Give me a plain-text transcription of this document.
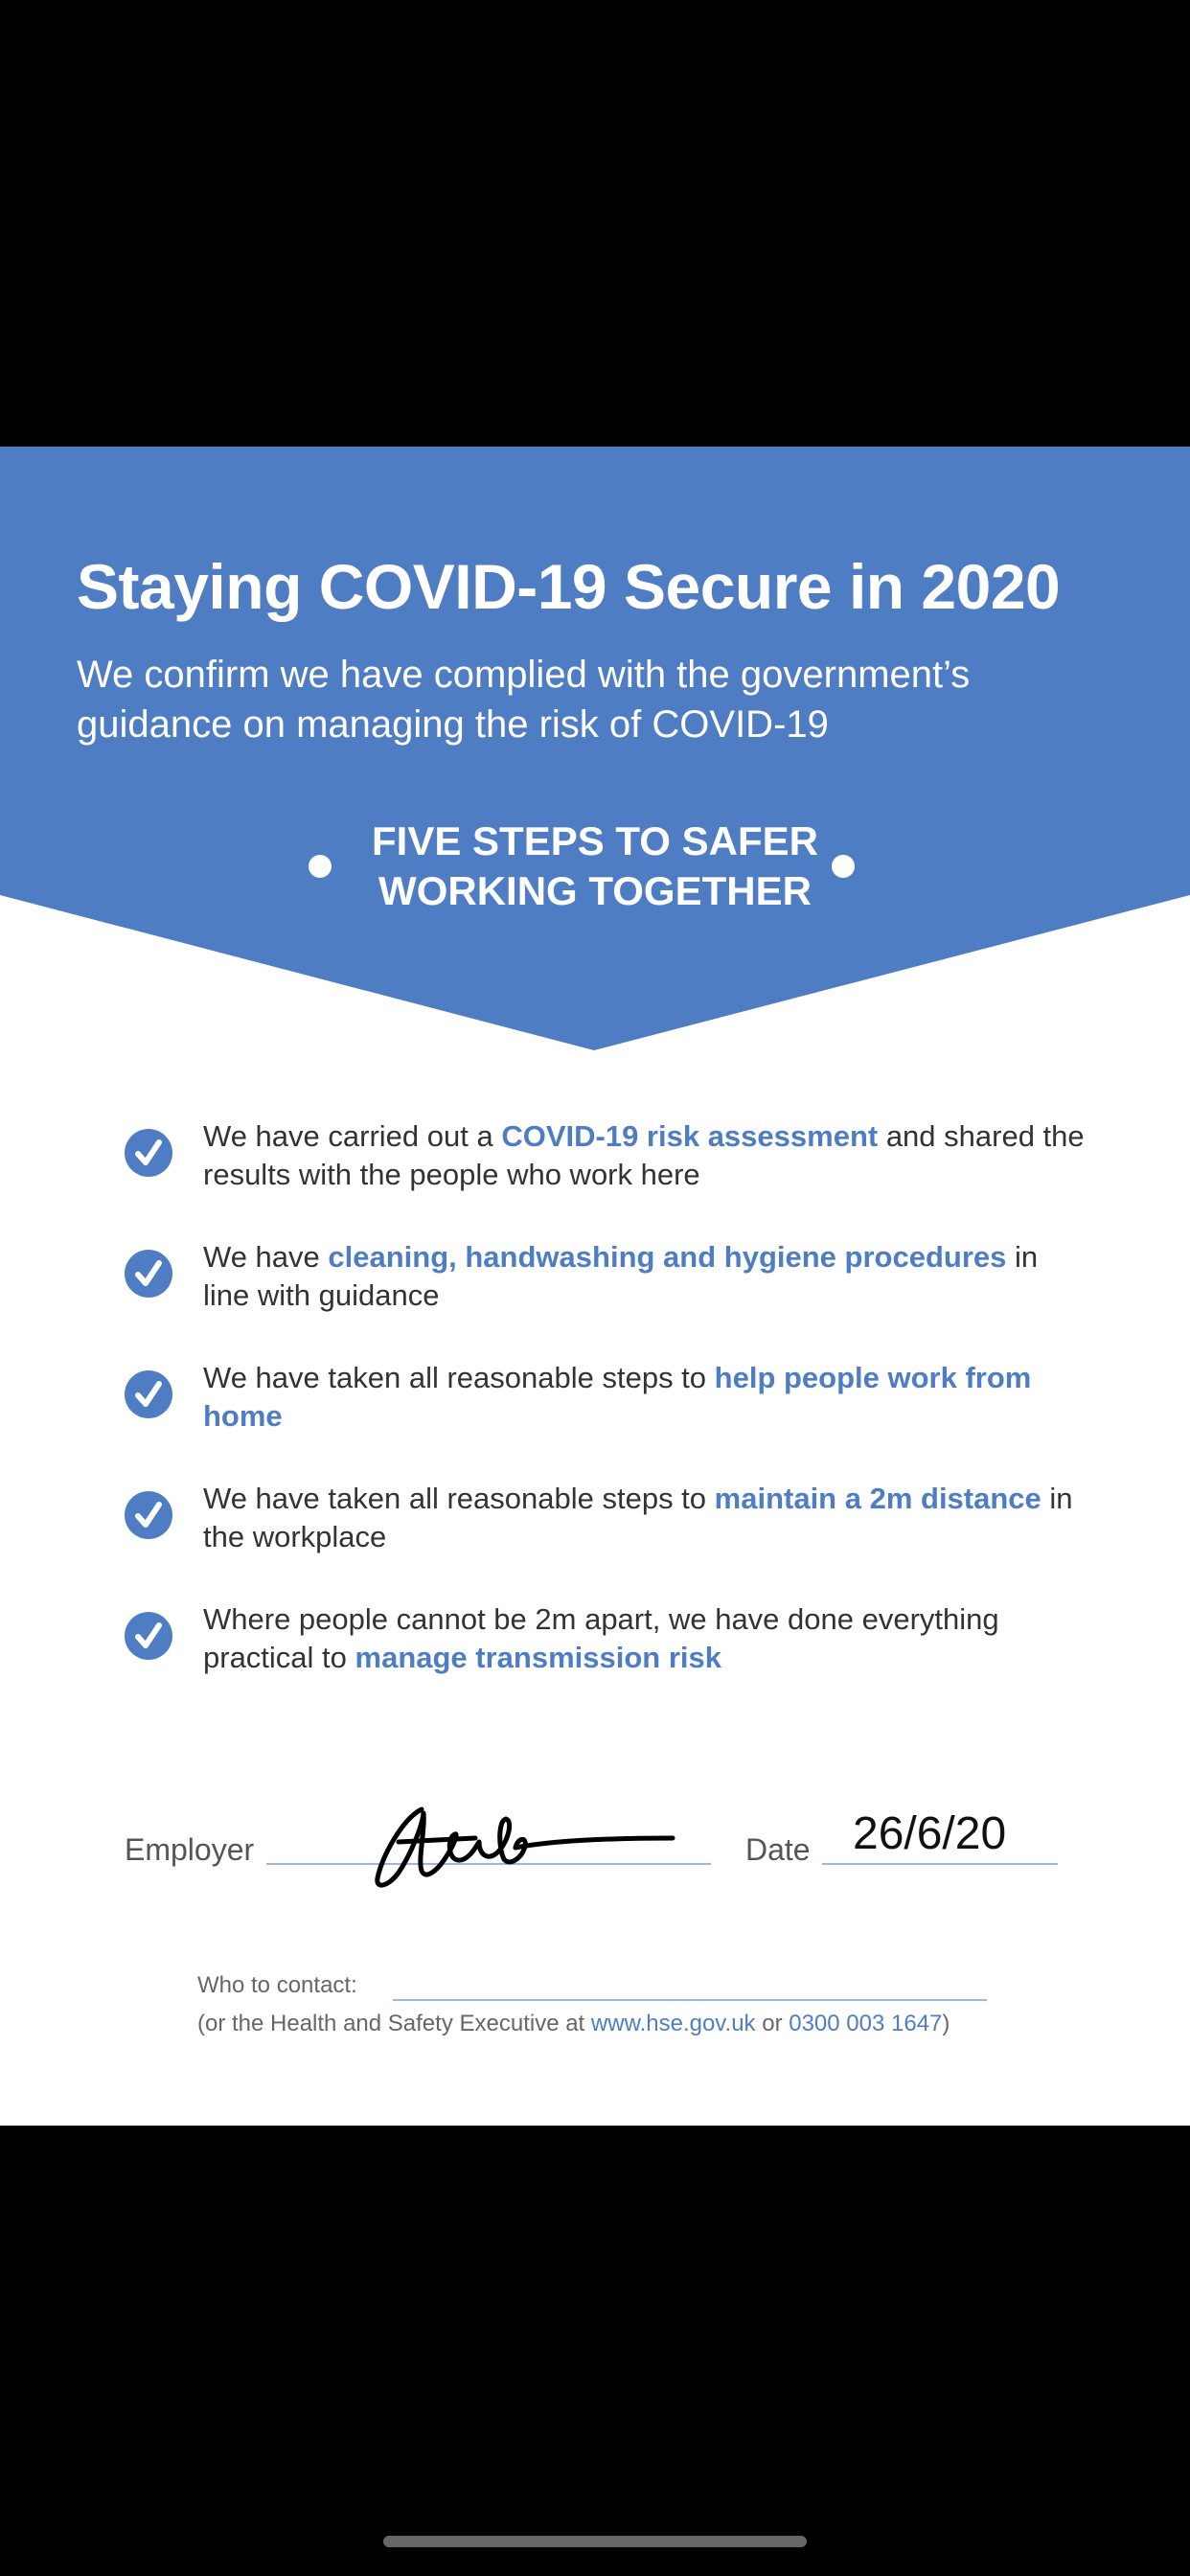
Staying COVID-19 Secure in 2020
We confirm we have complied with the government’s guidance on managing the risk of COVID-19
FIVE STEPS TO SAFER
WORKING TOGETHER
We have carried out a COVID-19 risk assessment and shared the results with the people who work here
We have cleaning, handwashing and hygiene procedures in line with guidance
We have taken all reasonable steps to help people work from home
We have taken all reasonable steps to maintain a 2m distance in the workplace
Where people cannot be 2m apart, we have done everything practical to manage transmission risk
Employer	Date 26/6/20
Who to contact:
(or the Health and Safety Executive at www.hse.gov.uk or 0300 003 1647)
